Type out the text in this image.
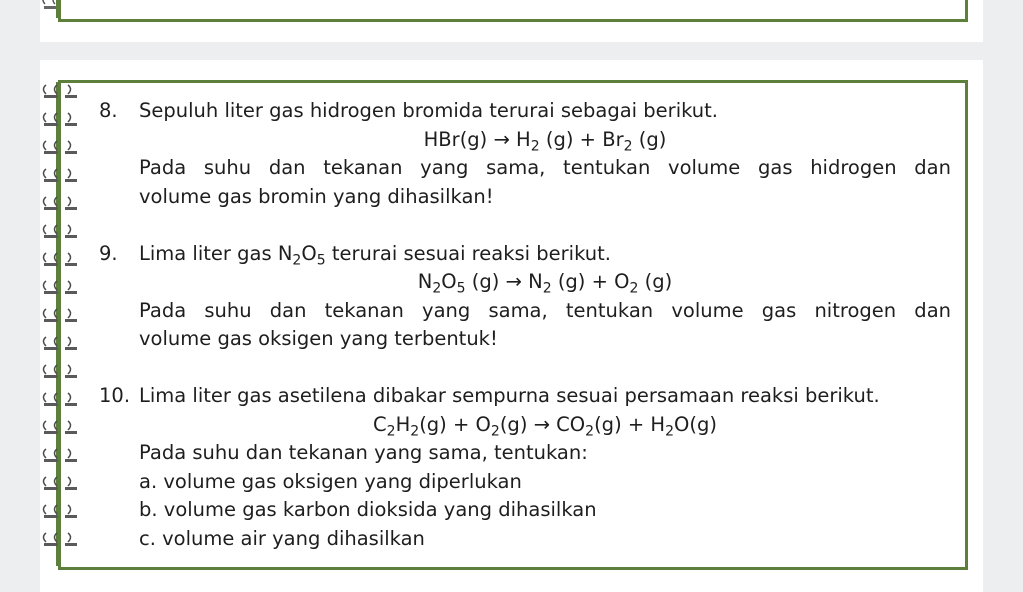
8.	Sepuluh liter gas hidrogen bromida terurai sebagai berikut.
$HBr(g) \to H_2$ $(g) + Br_2$ (g)
Pada suhu dan tekanan yang sama, tentukan volume gas hidrogen dan
volume gas bromin yang dihasilkan!
9.	Lima liter gas $N_2O_5$ terurai sesuai reaksi berikut.
$N_2O_5$ $(g) \to N_2$ $(g) + O_2$ (g)
Pada suhu dan tekanan yang sama, tentukan volume gas nitrogen dan
volume gas oksigen yang terbentuk!
10. Lima liter gas asetilena dibakar sempurna sesuai persamaan reaksi berikut.
$C_2H_2(g) + O_2(g) \to CO_2(g) + H_2O(g)$
Pada suhu dan tekanan yang sama, tentukan:
a. volume gas oksigen yang diperlukan
b. volume gas karbon dioksida yang dihasilkan
c. volume air yang dihasilkan
